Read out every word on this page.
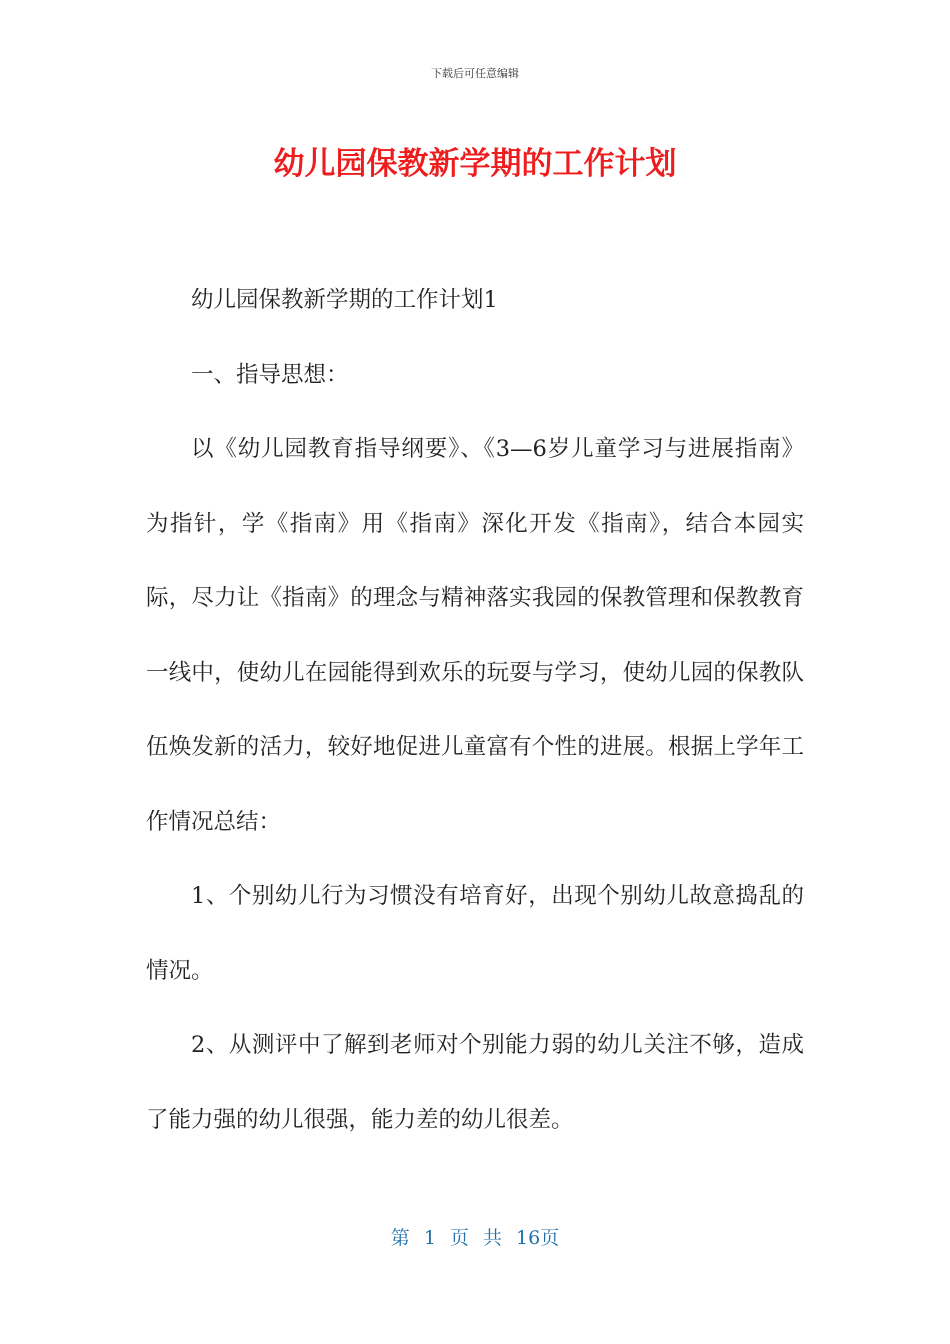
下载后可任意编辑
幼儿园保教新学期的工作计划

幼儿园保教新学期的工作计划1

一、指导思想：

以《幼儿园教育指导纲要》、《3—6岁儿童学习与进展指南》为指针，学《指南》用《指南》深化开发《指南》，结合本园实际，尽力让《指南》的理念与精神落实我园的保教管理和保教教育一线中，使幼儿在园能得到欢乐的玩耍与学习，使幼儿园的保教队伍焕发新的活力，较好地促进儿童富有个性的进展。根据上学年工作情况总结：

1、个别幼儿行为习惯没有培育好，出现个别幼儿故意捣乱的情况。

2、从测评中了解到老师对个别能力弱的幼儿关注不够，造成了能力强的幼儿很强，能力差的幼儿很差。

第 1 页 共 16页
